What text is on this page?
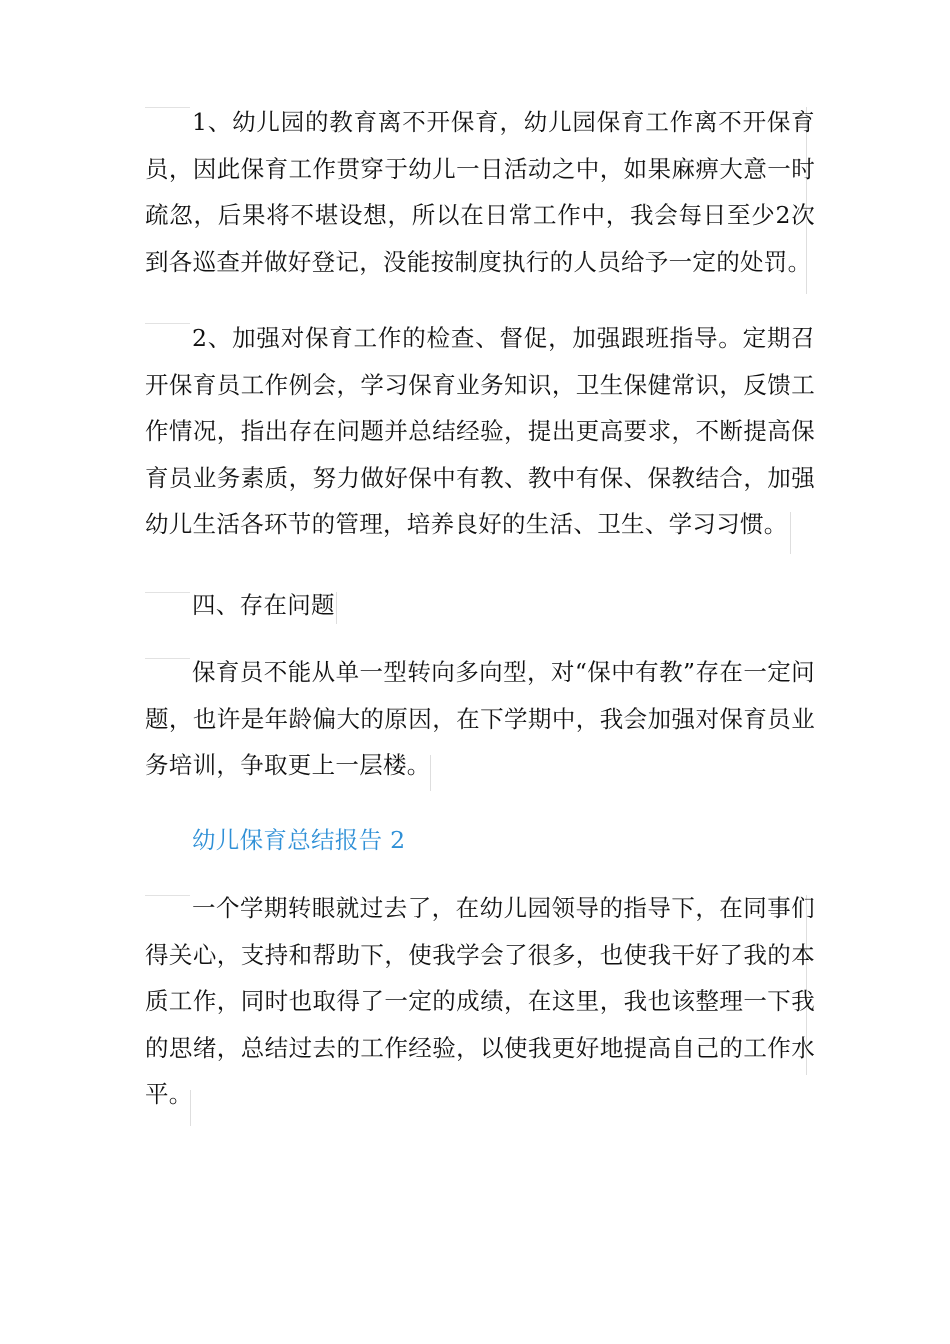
1、幼儿园的教育离不开保育，幼儿园保育工作离不开保育员，因此保育工作贯穿于幼儿一日活动之中，如果麻痹大意一时疏忽，后果将不堪设想，所以在日常工作中，我会每日至少2次到各巡查并做好登记，没能按制度执行的人员给予一定的处罚。

2、加强对保育工作的检查、督促，加强跟班指导。定期召开保育员工作例会，学习保育业务知识，卫生保健常识，反馈工作情况，指出存在问题并总结经验，提出更高要求，不断提高保育员业务素质，努力做好保中有教、教中有保、保教结合，加强幼儿生活各环节的管理，培养良好的生活、卫生、学习习惯。

四、存在问题

保育员不能从单一型转向多向型，对“保中有教”存在一定问题，也许是年龄偏大的原因，在下学期中，我会加强对保育员业务培训，争取更上一层楼。

幼儿保育总结报告 2

一个学期转眼就过去了，在幼儿园领导的指导下，在同事们得关心，支持和帮助下，使我学会了很多，也使我干好了我的本质工作，同时也取得了一定的成绩，在这里，我也该整理一下我的思绪，总结过去的工作经验，以使我更好地提高自己的工作水平。
